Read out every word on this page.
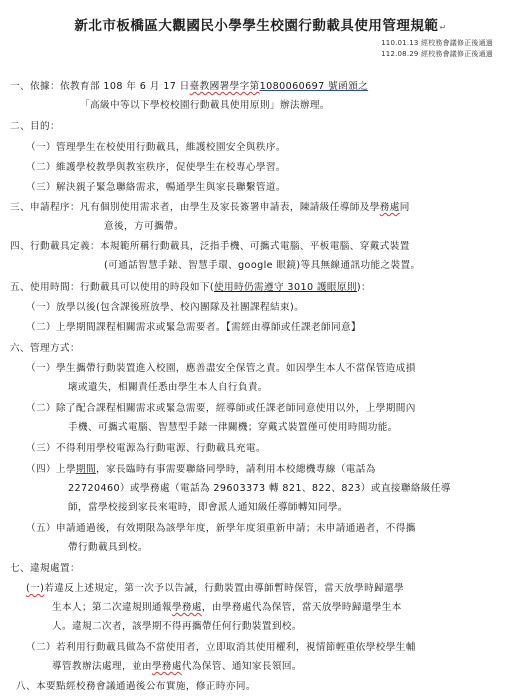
新北市板橋區大觀國民小學學生校園行動載具使用管理規範↵
110.01.13 經校務會議修正後通過
112.08.29 經校務會議修正後通過
一、依據：依教育部 108 年 6 月 17 日臺教國署學字第1080060697 號函頒之
「高級中等以下學校校園行動載具使用原則」辦法辦理。
二、目的：
（一）管理學生在校使用行動載具，維護校園安全與秩序。
（二）維護學校教學與教室秩序，促使學生在校專心學習。
（三）解決親子緊急聯絡需求，暢通學生與家長聯繫管道。
三、申請程序：凡有個別使用需求者，由學生及家長簽署申請表，陳請級任導師及學務處同
意後，方可攜帶。
四、行動載具定義：本規範所稱行動載具，泛指手機、可攜式電腦、平板電腦、穿戴式裝置
(可通話智慧手錶、智慧手環、google 眼鏡)等具無線通訊功能之裝置。
五、使用時間：行動載具可以使用的時段如下(使用時仍需遵守 3010 護眼原則)：
（一）放學以後(包含課後班放學、校內團隊及社團課程結束)。
（二）上學期間課程相關需求或緊急需要者。【需經由導師或任課老師同意】
六、管理方式：
（一）學生攜帶行動裝置進入校園，應善盡安全保管之責。如因學生本人不當保管造成損
壞或遺失，相關責任悉由學生本人自行負責。
（二）除了配合課程相關需求或緊急需要，經導師或任課老師同意使用以外，上學期間內
手機、可攜式電腦、智慧型手錶一律關機；穿戴式裝置僅可使用時間功能。
（三）不得利用學校電源為行動電源、行動載具充電。
（四）上學期間，家長臨時有事需要聯絡同學時，請利用本校總機專線（電話為
22720460）或學務處（電話為 29603373 轉 821、822、823）或直接聯絡級任導
師，當學校接到家長來電時，即會派人通知級任導師轉知同學。
（五）申請通過後，有效期限為該學年度，新學年度須重新申請；未申請通過者，不得攜
帶行動載具到校。
七、違規處置：
(一)若違反上述規定，第一次予以告誡，行動裝置由導師暫時保管，當天放學時歸還學
生本人；第二次違規則通報學務處，由學務處代為保管，當天放學時歸還學生本
人。違規二次者，該學期不得再攜帶任何行動裝置到校。
（二）若利用行動載具做為不當使用者，立即取消其使用權利，視情節輕重依學校學生輔
導管教辦法處理，並由學務處代為保管、通知家長領回。
八、本要點經校務會議通過後公布實施，修正時亦同。
